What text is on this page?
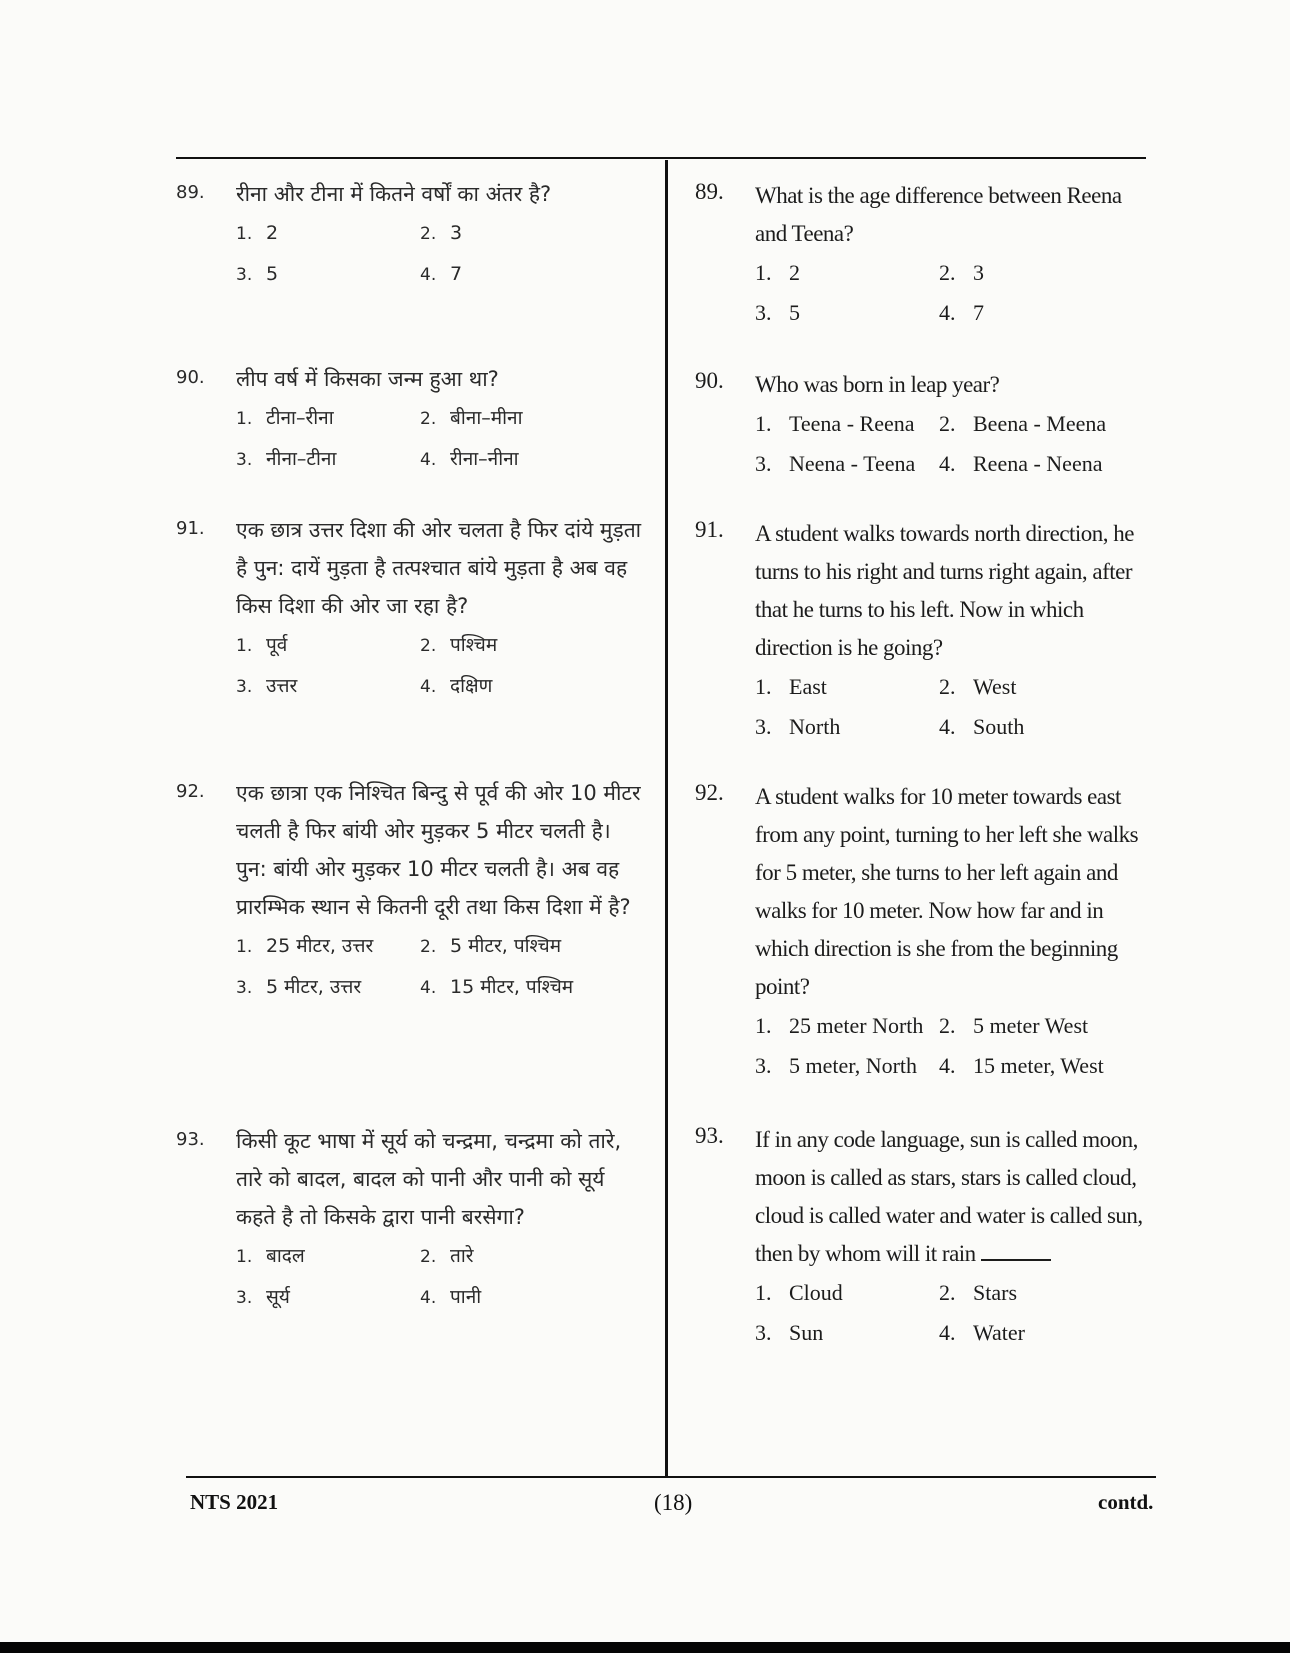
89. रीना और टीना में कितने वर्षों का अंतर है?
1. 2	2. 3
3. 5	4. 7
90. लीप वर्ष में किसका जन्म हुआ था?
1. टीना–रीना	2. बीना–मीना
3. नीना–टीना	4. रीना–नीना
91. एक छात्र उत्तर दिशा की ओर चलता है फिर दांये मुड़ता है पुन: दायें मुड़ता है तत्पश्चात बांये मुड़ता है अब वह किस दिशा की ओर जा रहा है?
1. पूर्व	2. पश्चिम
3. उत्तर	4. दक्षिण
92. एक छात्रा एक निश्चित बिन्दु से पूर्व की ओर 10 मीटर चलती है फिर बांयी ओर मुड़कर 5 मीटर चलती है। पुन: बांयी ओर मुड़कर 10 मीटर चलती है। अब वह प्रारम्भिक स्थान से कितनी दूरी तथा किस दिशा में है?
1. 25 मीटर, उत्तर	2. 5 मीटर, पश्चिम
3. 5 मीटर, उत्तर	4. 15 मीटर, पश्चिम
93. किसी कूट भाषा में सूर्य को चन्द्रमा, चन्द्रमा को तारे, तारे को बादल, बादल को पानी और पानी को सूर्य कहते है तो किसके द्वारा पानी बरसेगा?
1. बादल	2. तारे
3. सूर्य	4. पानी
89. What is the age difference between Reena and Teena?
1. 2	2. 3
3. 5	4. 7
90. Who was born in leap year?
1. Teena - Reena	2. Beena - Meena
3. Neena - Teena	4. Reena - Neena
91. A student walks towards north direction, he turns to his right and turns right again, after that he turns to his left. Now in which direction is he going?
1. East	2. West
3. North	4. South
92. A student walks for 10 meter towards east from any point, turning to her left she walks for 5 meter, she turns to her left again and walks for 10 meter. Now how far and in which direction is she from the beginning point?
1. 25 meter North 2. 5 meter West
3. 5 meter, North 4. 15 meter, West
93. If in any code language, sun is called moon, moon is called as stars, stars is called cloud, cloud is called water and water is called sun, then by whom will it rain
1. Cloud	2. Stars
3. Sun	4. Water
NTS 2021	(18)	contd.
